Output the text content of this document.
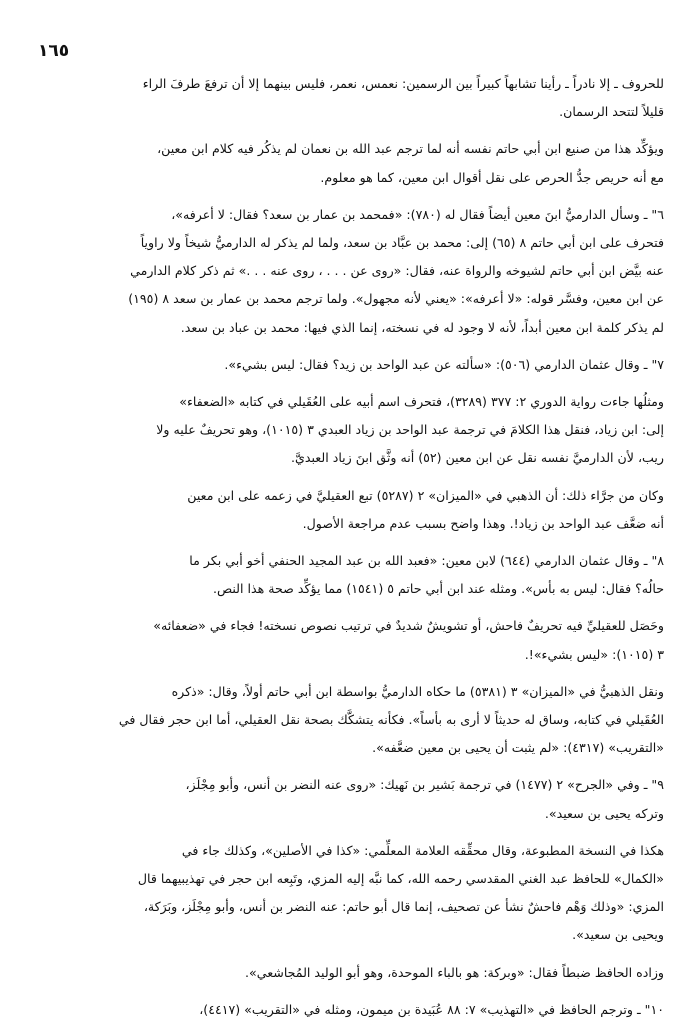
١٦٥
للحروف ـ إلا نادراً ـ رأينا تشابهاً كبيراً بين الرسمين: نعمس، نعمر، فليس بينهما إلا أن ترفعَ طرفَ الراء
قليلاً لتتحد الرسمان.
ويؤكِّد هذا من صنيع ابن أبي حاتم نفسه أنه لما ترجم عبد الله بن نعمان لم يذكُر فيه كلام ابن معين،
مع أنه حريص جدُّ الحرص على نقل أقوال ابن معين، كما هو معلوم.
٦" ـ وسأل الدارميُّ ابنَ معين أيضاً فقال له (٧٨٠): «فمحمد بن عمار بن سعد؟ فقال: لا أعرفه»،
فتحرف على ابن أبي حاتم ٨ (٦٥) إلى: محمد بن عبَّاد بن سعد، ولما لم يذكر له الدارميُّ شيخاً ولا راوياً
عنه بيَّض ابن أبي حاتم لشيوخه والرواة عنه، فقال: «روى عن . . . ، روى عنه . . .» ثم ذكر كلام الدارمي
عن ابن معين، وفسَّر قوله: «لا أعرفه»: «يعني لأنه مجهول». ولما ترجم محمد بن عمار بن سعد ٨ (١٩٥)
لم يذكر كلمة ابن معين أبداً، لأنه لا وجود له في نسخته، إنما الذي فيها: محمد بن عباد بن سعد.
٧" ـ وقال عثمان الدارمي (٥٠٦): «سألته عن عبد الواحد بن زيد؟ فقال: ليس بشيء».
ومثلُها جاءت رواية الدوري ٢: ٣٧٧ (٣٢٨٩)، فتحرف اسم أبيه على العُقَيلي في كتابه «الضعفاء»
إلى: ابن زياد، فنقل هذا الكلامَ في ترجمة عبد الواحد بن زياد العبدي ٣ (١٠١٥)، وهو تحريفٌ عليه ولا
ريب، لأن الدارميَّ نفسه نقل عن ابن معين (٥٢) أنه وثَّق ابنَ زياد العبديَّ.
وكان من جرَّاء ذلك: أن الذهبي في «الميزان» ٢ (٥٢٨٧) تبع العقيليَّ في زعمه على ابن معين
أنه ضعَّف عبد الواحد بن زياد!. وهذا واضح بسبب عدم مراجعة الأصول.
٨" ـ وقال عثمان الدارمي (٦٤٤) لابن معين: «فعبد الله بن عبد المجيد الحنفي أخو أبي بكر ما
حالُه؟ فقال: ليس به بأس». ومثله عند ابن أبي حاتم ٥ (١٥٤١) مما يؤكِّد صحة هذا النص.
وحَصَل للعقيليِّ فيه تحريفٌ فاحش، أو تشويشٌ شديدٌ في ترتيب نصوص نسخته! فجاء في «ضعفائه»
٣ (١٠١٥): «ليس بشيء»!.
ونقل الذهبيُّ في «الميزان» ٣ (٥٣٨١) ما حكاه الدارميُّ بواسطة ابن أبي حاتم أولاً، وقال: «ذكره
العُقَيلي في كتابه، وساق له حديثاً لا أرى به بأساً». فكأنه يتشكَّك بصحة نقل العقيلي، أما ابن حجر فقال في
«التقريب» (٤٣١٧): «لم يثبت أن يحيى بن معين ضعَّفه».
٩" ـ وفي «الجرح» ٢ (١٤٧٧) في ترجمة بَشير بن نَهيك: «روى عنه النضر بن أنس، وأبو مِجْلَز،
وتركه يحيى بن سعيد».
هكذا في النسخة المطبوعة، وقال محقِّقه العلامة المعلِّمي: «كذا في الأصلين»، وكذلك جاء في
«الكمال» للحافظ عبد الغني المقدسي رحمه الله، كما نبَّه إليه المزي، وتَبِعه ابن حجر في تهذيبيهما قال
المزي: «وذلك وَهْم فاحشٌ نشأ عن تصحيف، إنما قال أبو حاتم: عنه النضر بن أنس، وأبو مِجْلَز، وبَرَكة،
ويحيى بن سعيد».
وزاده الحافظ ضبطاً فقال: «وبركة: هو بالباء الموحدة، وهو أبو الوليد المُجاشعي».
١٠" ـ وترجم الحافظ في «التهذيب» ٧: ٨٨ عُبَيدة بن ميمون، ومثله في «التقريب» (٤٤١٧)،
